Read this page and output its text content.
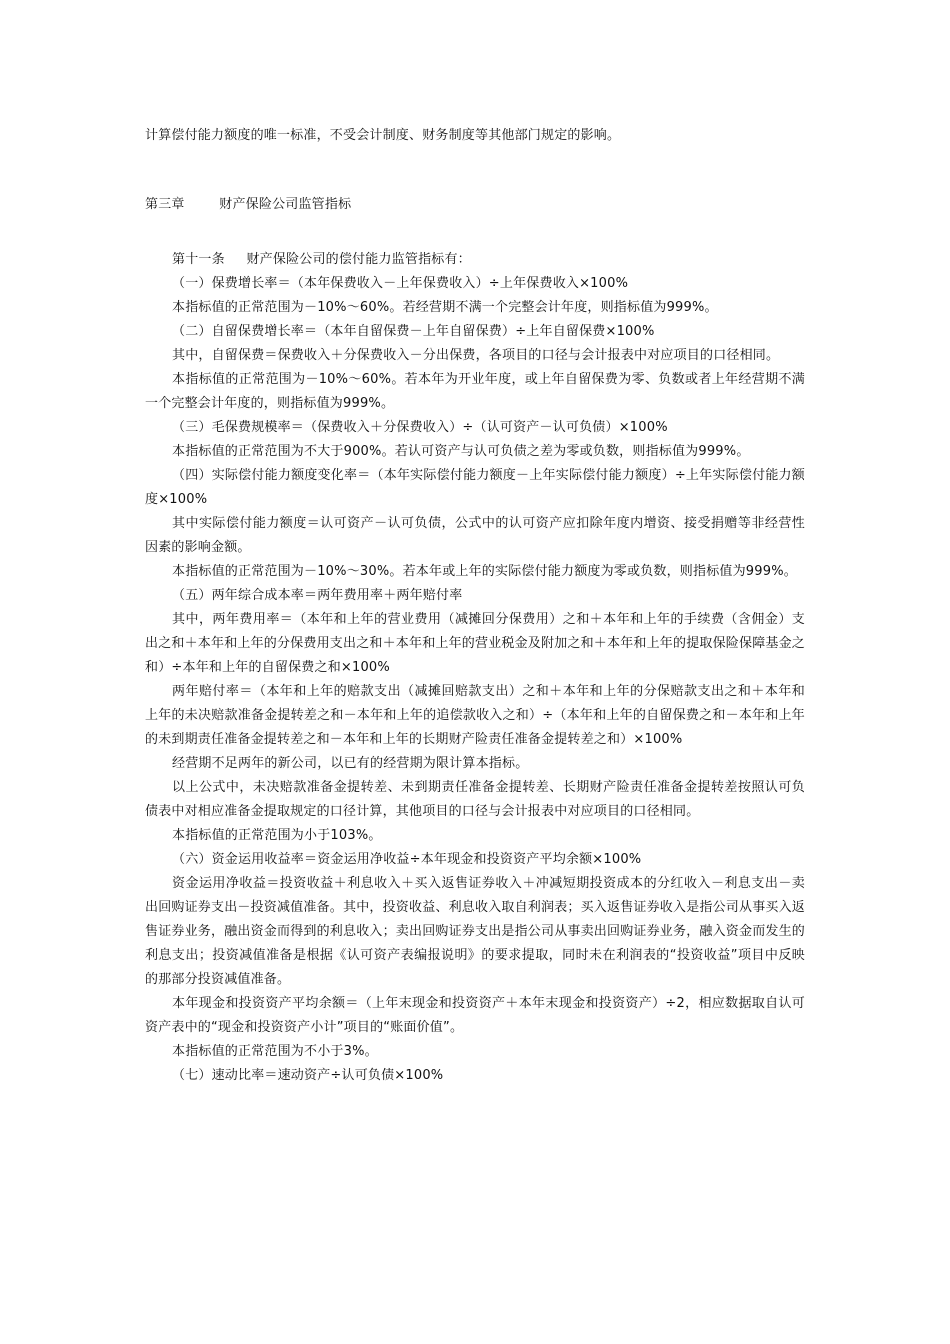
计算偿付能力额度的唯一标准，不受会计制度、财务制度等其他部门规定的影响。

第三章	财产保险公司监管指标

第十一条 财产保险公司的偿付能力监管指标有：

（一）保费增长率＝（本年保费收入－上年保费收入）÷上年保费收入×100%

本指标值的正常范围为－10%～60%。若经营期不满一个完整会计年度，则指标值为999%。

（二）自留保费增长率＝（本年自留保费－上年自留保费）÷上年自留保费×100%

其中，自留保费＝保费收入＋分保费收入－分出保费，各项目的口径与会计报表中对应项目的口径相同。

本指标值的正常范围为－10%～60%。若本年为开业年度，或上年自留保费为零、负数或者上年经营期不满一个完整会计年度的，则指标值为999%。

（三）毛保费规模率＝（保费收入＋分保费收入）÷（认可资产－认可负债）×100%

本指标值的正常范围为不大于900%。若认可资产与认可负债之差为零或负数，则指标值为999%。

（四）实际偿付能力额度变化率＝（本年实际偿付能力额度－上年实际偿付能力额度）÷上年实际偿付能力额度×100%

其中实际偿付能力额度＝认可资产－认可负债，公式中的认可资产应扣除年度内增资、接受捐赠等非经营性因素的影响金额。

本指标值的正常范围为－10%～30%。若本年或上年的实际偿付能力额度为零或负数，则指标值为999%。

（五）两年综合成本率＝两年费用率＋两年赔付率

其中，两年费用率＝（本年和上年的营业费用（减摊回分保费用）之和＋本年和上年的手续费（含佣金）支出之和＋本年和上年的分保费用支出之和＋本年和上年的营业税金及附加之和＋本年和上年的提取保险保障基金之和）÷本年和上年的自留保费之和×100%

两年赔付率＝（本年和上年的赔款支出（减摊回赔款支出）之和＋本年和上年的分保赔款支出之和＋本年和上年的未决赔款准备金提转差之和－本年和上年的追偿款收入之和）÷（本年和上年的自留保费之和－本年和上年的未到期责任准备金提转差之和－本年和上年的长期财产险责任准备金提转差之和）×100%

经营期不足两年的新公司，以已有的经营期为限计算本指标。

以上公式中，未决赔款准备金提转差、未到期责任准备金提转差、长期财产险责任准备金提转差按照认可负债表中对相应准备金提取规定的口径计算，其他项目的口径与会计报表中对应项目的口径相同。

本指标值的正常范围为小于103%。

（六）资金运用收益率＝资金运用净收益÷本年现金和投资资产平均余额×100%

资金运用净收益＝投资收益＋利息收入＋买入返售证券收入＋冲减短期投资成本的分红收入－利息支出－卖出回购证券支出－投资减值准备。其中，投资收益、利息收入取自利润表；买入返售证券收入是指公司从事买入返售证券业务，融出资金而得到的利息收入；卖出回购证券支出是指公司从事卖出回购证券业务，融入资金而发生的利息支出；投资减值准备是根据《认可资产表编报说明》的要求提取，同时未在利润表的“投资收益”项目中反映的那部分投资减值准备。

本年现金和投资资产平均余额＝（上年末现金和投资资产＋本年末现金和投资资产）÷2，相应数据取自认可资产表中的“现金和投资资产小计”项目的“账面价值”。

本指标值的正常范围为不小于3%。

（七）速动比率＝速动资产÷认可负债×100%
